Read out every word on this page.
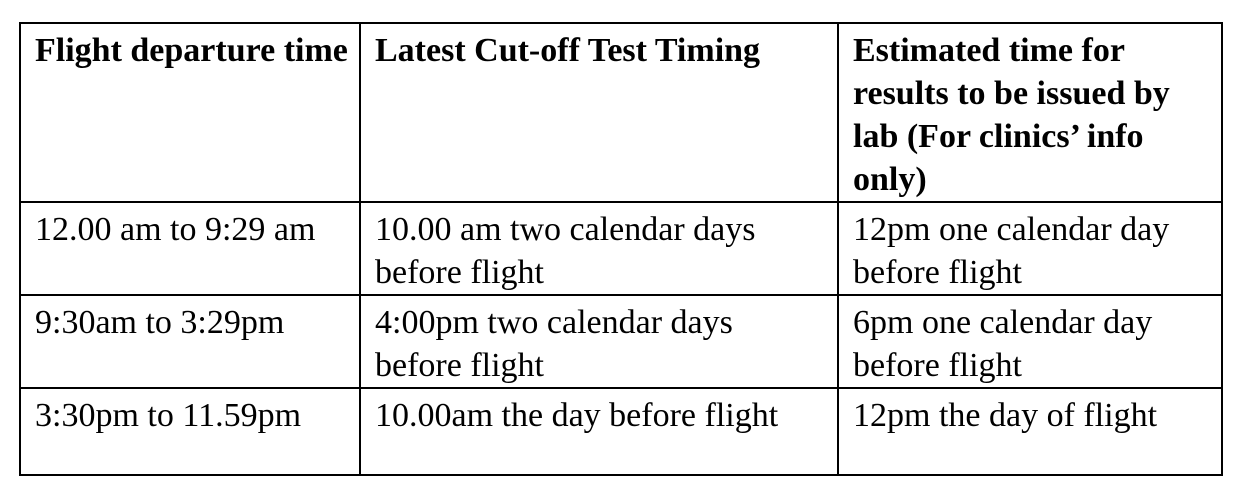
Flight departure time	Latest Cut-off Test Timing	Estimated time for results to be issued by lab (For clinics’ info only)
12.00 am to 9:29 am	10.00 am two calendar days before flight	12pm one calendar day before flight
9:30am to 3:29pm	4:00pm two calendar days before flight	6pm one calendar day before flight
3:30pm to 11.59pm	10.00am the day before flight	12pm the day of flight
